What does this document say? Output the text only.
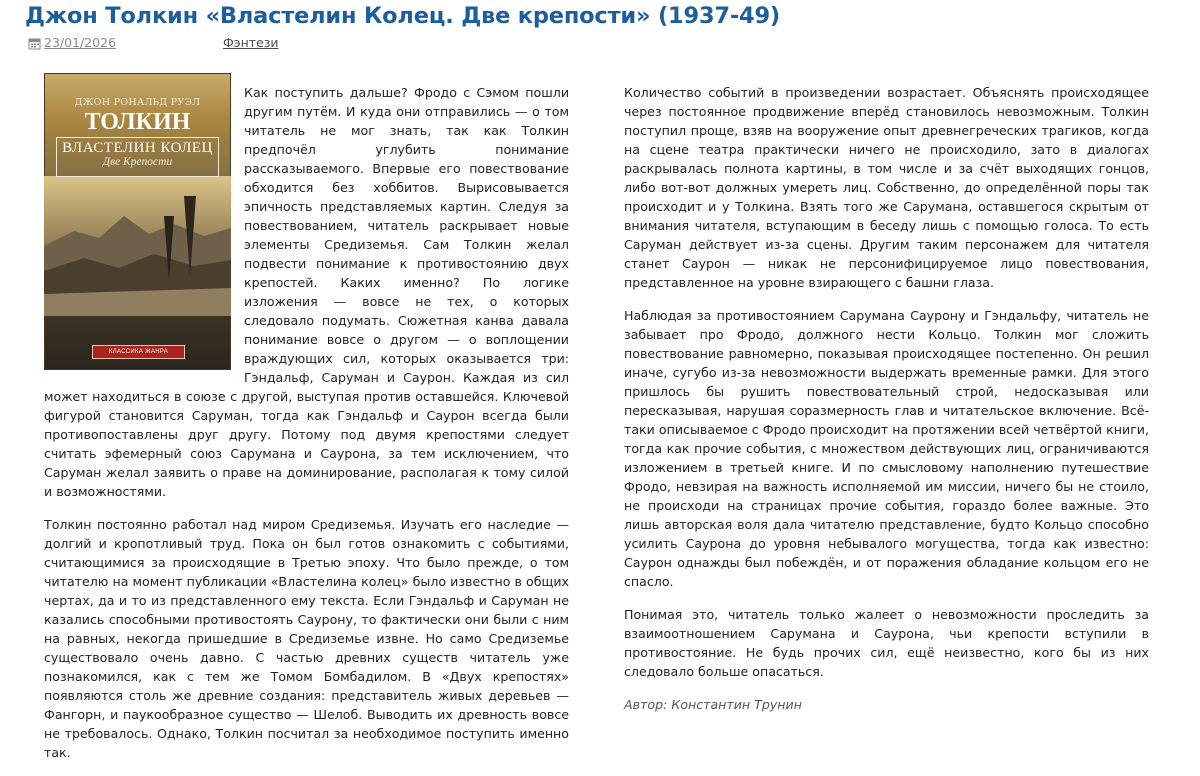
Джон Толкин «Властелин Колец. Две крепости» (1937-49)
23/01/2026	Фэнтези
ДЖОН РОНАЛЬД РУЭЛ
ТОЛКИН
ВЛАСТЕЛИН КОЛЕЦ
Две Крепости
КЛАССИКА ЖАНРА

Как поступить дальше? Фродо с Сэмом пошли другим путём. И куда они отправились — о том читатель не мог знать, так как Толкин предпочёл углубить понимание рассказываемого. Впервые его повествование обходится без хоббитов. Вырисовывается эпичность представляемых картин. Следуя за повествованием, читатель раскрывает новые элементы Средиземья. Сам Толкин желал подвести понимание к противостоянию двух крепостей. Каких именно? По логике изложения — вовсе не тех, о которых следовало подумать. Сюжетная канва давала понимание вовсе о другом — о воплощении враждующих сил, которых оказывается три: Гэндальф, Саруман и Саурон. Каждая из сил может находиться в союзе с другой, выступая против оставшейся. Ключевой фигурой становится Саруман, тогда как Гэндальф и Саурон всегда были противопоставлены друг другу. Потому под двумя крепостями следует считать эфемерный союз Сарумана и Саурона, за тем исключением, что Саруман желал заявить о праве на доминирование, располагая к тому силой и возможностями.

Толкин постоянно работал над миром Средиземья. Изучать его наследие — долгий и кропотливый труд. Пока он был готов ознакомить с событиями, считающимися за происходящие в Третью эпоху. Что было прежде, о том читателю на момент публикации «Властелина колец» было известно в общих чертах, да и то из представленного ему текста. Если Гэндальф и Саруман не казались способными противостоять Саурону, то фактически они были с ним на равных, некогда пришедшие в Средиземье извне. Но само Средиземье существовало очень давно. С частью древних существ читатель уже познакомился, как с тем же Томом Бомбадилом. В «Двух крепостях» появляются столь же древние создания: представитель живых деревьев — Фангорн, и паукообразное существо — Шелоб. Выводить их древность вовсе не требовалось. Однако, Толкин посчитал за необходимое поступить именно так.

Количество событий в произведении возрастает. Объяснять происходящее через постоянное продвижение вперёд становилось невозможным. Толкин поступил проще, взяв на вооружение опыт древнегреческих трагиков, когда на сцене театра практически ничего не происходило, зато в диалогах раскрывалась полнота картины, в том числе и за счёт выходящих гонцов, либо вот-вот должных умереть лиц. Собственно, до определённой поры так происходит и у Толкина. Взять того же Сарумана, оставшегося скрытым от внимания читателя, вступающим в беседу лишь с помощью голоса. То есть Саруман действует из-за сцены. Другим таким персонажем для читателя станет Саурон — никак не персонифицируемое лицо повествования, представленное на уровне взирающего с башни глаза.

Наблюдая за противостоянием Сарумана Саурону и Гэндальфу, читатель не забывает про Фродо, должного нести Кольцо. Толкин мог сложить повествование равномерно, показывая происходящее постепенно. Он решил иначе, сугубо из-за невозможности выдержать временные рамки. Для этого пришлось бы рушить повествовательный строй, недосказывая или пересказывая, нарушая соразмерность глав и читательское включение. Всё-таки описываемое с Фродо происходит на протяжении всей четвёртой книги, тогда как прочие события, с множеством действующих лиц, ограничиваются изложением в третьей книге. И по смысловому наполнению путешествие Фродо, невзирая на важность исполняемой им миссии, ничего бы не стоило, не происходи на страницах прочие события, гораздо более важные. Это лишь авторская воля дала читателю представление, будто Кольцо способно усилить Саурона до уровня небывалого могущества, тогда как известно: Саурон однажды был побеждён, и от поражения обладание кольцом его не спасло.

Понимая это, читатель только жалеет о невозможности проследить за взаимоотношением Сарумана и Саурона, чьи крепости вступили в противостояние. Не будь прочих сил, ещё неизвестно, кого бы из них следовало больше опасаться.

Автор: Константин Трунин
